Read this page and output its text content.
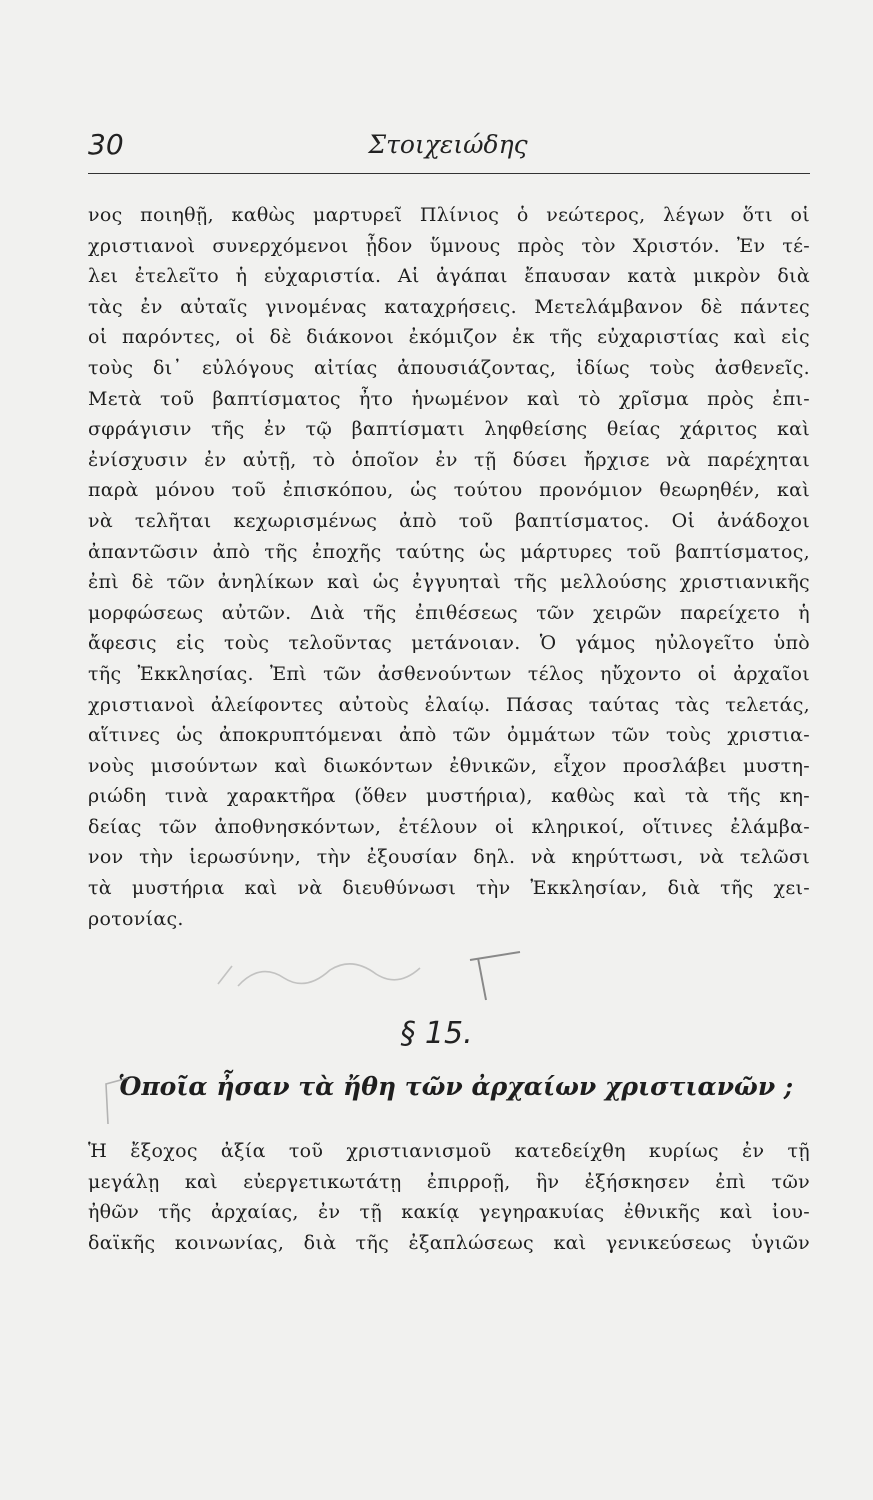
30	Στοιχειώδης
νος ποιηθῇ, καθὼς μαρτυρεῖ Πλίνιος ὁ νεώτερος, λέγων ὅτι οἱ
χριστιανοὶ συνερχόμενοι ᾖδον ὕμνους πρὸς τὸν Χριστόν. Ἐν τέ-
λει ἐτελεῖτο ἡ εὐχαριστία. Αἱ ἀγάπαι ἔπαυσαν κατὰ μικρὸν διὰ
τὰς ἐν αὐταῖς γινομένας καταχρήσεις. Μετελάμβανον δὲ πάντες
οἱ παρόντες, οἱ δὲ διάκονοι ἐκόμιζον ἐκ τῆς εὐχαριστίας καὶ εἰς
τοὺς δι᾽ εὐλόγους αἰτίας ἀπουσιάζοντας, ἰδίως τοὺς ἀσθενεῖς.
Μετὰ τοῦ βαπτίσματος ἦτο ἡνωμένον καὶ τὸ χρῖσμα πρὸς ἐπι-
σφράγισιν τῆς ἐν τῷ βαπτίσματι ληφθείσης θείας χάριτος καὶ
ἐνίσχυσιν ἐν αὐτῇ, τὸ ὁποῖον ἐν τῇ δύσει ἤρχισε νὰ παρέχηται
παρὰ μόνου τοῦ ἐπισκόπου, ὡς τούτου προνόμιον θεωρηθέν, καὶ
νὰ τελῆται κεχωρισμένως ἀπὸ τοῦ βαπτίσματος. Οἱ ἀνάδοχοι
ἀπαντῶσιν ἀπὸ τῆς ἐποχῆς ταύτης ὡς μάρτυρες τοῦ βαπτίσματος,
ἐπὶ δὲ τῶν ἀνηλίκων καὶ ὡς ἐγγυηταὶ τῆς μελλούσης χριστιανικῆς
μορφώσεως αὐτῶν. Διὰ τῆς ἐπιθέσεως τῶν χειρῶν παρείχετο ἡ
ἄφεσις εἰς τοὺς τελοῦντας μετάνοιαν. Ὁ γάμος ηὐλογεῖτο ὑπὸ
τῆς Ἐκκλησίας. Ἐπὶ τῶν ἀσθενούντων τέλος ηὔχοντο οἱ ἀρχαῖοι
χριστιανοὶ ἀλείφοντες αὐτοὺς ἐλαίῳ. Πάσας ταύτας τὰς τελετάς,
αἵτινες ὡς ἀποκρυπτόμεναι ἀπὸ τῶν ὀμμάτων τῶν τοὺς χριστια-
νοὺς μισούντων καὶ διωκόντων ἐθνικῶν, εἶχον προσλάβει μυστη-
ριώδη τινὰ χαρακτῆρα (ὅθεν μυστήρια), καθὼς καὶ τὰ τῆς κη-
δείας τῶν ἀποθνησκόντων, ἐτέλουν οἱ κληρικοί, οἵτινες ἐλάμβα-
νον τὴν ἱερωσύνην, τὴν ἐξουσίαν δηλ. νὰ κηρύττωσι, νὰ τελῶσι
τὰ μυστήρια καὶ νὰ διευθύνωσι τὴν Ἐκκλησίαν, διὰ τῆς χει-
ροτονίας.
§ 15.
Ὁποῖα ἦσαν τὰ ἤθη τῶν ἀρχαίων χριστιανῶν ;
Ἡ ἔξοχος ἀξία τοῦ χριστιανισμοῦ κατεδείχθη κυρίως ἐν τῇ
μεγάλῃ καὶ εὐεργετικωτάτῃ ἐπιρροῇ, ἣν ἐξήσκησεν ἐπὶ τῶν
ἠθῶν τῆς ἀρχαίας, ἐν τῇ κακίᾳ γεγηρακυίας ἐθνικῆς καὶ ἰου-
δαϊκῆς κοινωνίας, διὰ τῆς ἐξαπλώσεως καὶ γενικεύσεως ὑγιῶν
